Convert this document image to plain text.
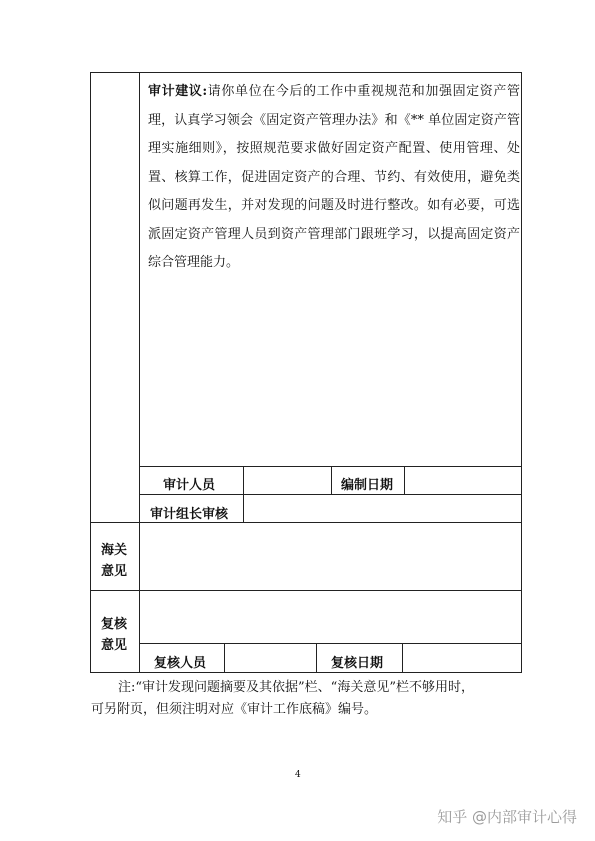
审计建议:请你单位在今后的工作中重视规范和加强固定资产管理，认真学习领会《固定资产管理办法》和《** 单位固定资产管理实施细则》，按照规范要求做好固定资产配置、使用管理、处置、核算工作，促进固定资产的合理、节约、有效使用，避免类似问题再发生，并对发现的问题及时进行整改。如有必要，可选派固定资产管理人员到资产管理部门跟班学习，以提高固定资产综合管理能力。
审计人员	编制日期
审计组长审核
海关
意见
复核
意见
复核人员	复核日期
注:“审计发现问题摘要及其依据”栏、“海关意见”栏不够用时，
可另附页，但须注明对应《审计工作底稿》编号。
4
知乎 @内部审计心得
